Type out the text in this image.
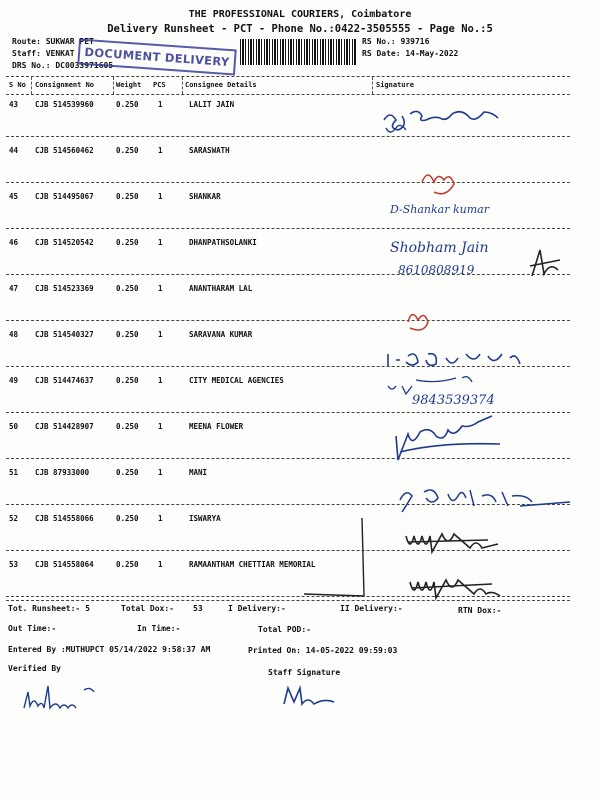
THE PROFESSIONAL COURIERS, Coimbatore
Delivery Runsheet - PCT - Phone No.:0422-3505555 - Page No.:5
Route: SUKWAR PET
Staff: VENKAT
DRS No.: DC0033971605
DOCUMENT DELIVERY
RS No.: 939716
RS Date: 14-May-2022
S No Consignment No	Weight PCS	Consignee Details	Signature
43 CJB 514539960	0.250	1	LALIT JAIN
44 CJB 514560462	0.250	1	SARASWATH
45 CJB 514495067	0.250	1	SHANKAR
46 CJB 514520542	0.250	1	DHANPATHSOLANKI
47 CJB 514523369	0.250	1	ANANTHARAM LAL
48 CJB 514540327	0.250	1	SARAVANA KUMAR
49 CJB 514474637	0.250	1	CITY MEDICAL AGENCIES
50 CJB 514428907	0.250	1	MEENA FLOWER
51 CJB 87933000	0.250	1	MANI
52 CJB 514558066	0.250	1	ISWARYA
53 CJB 514558064	0.250	1	RAMAANTHAM CHETTIAR MEMORIAL
D-Shankar kumar
Shobham Jain
8610808919
9843539374
Tot. Runsheet:- 5	Total Dox:- 53	I Delivery:-	II Delivery:-	RTN Dox:-
Out Time:-	In Time:-	Total POD:-
Entered By :MUTHUPCT 05/14/2022 9:58:37 AM	Printed On: 14-05-2022 09:59:03
Verified By	Staff Signature
